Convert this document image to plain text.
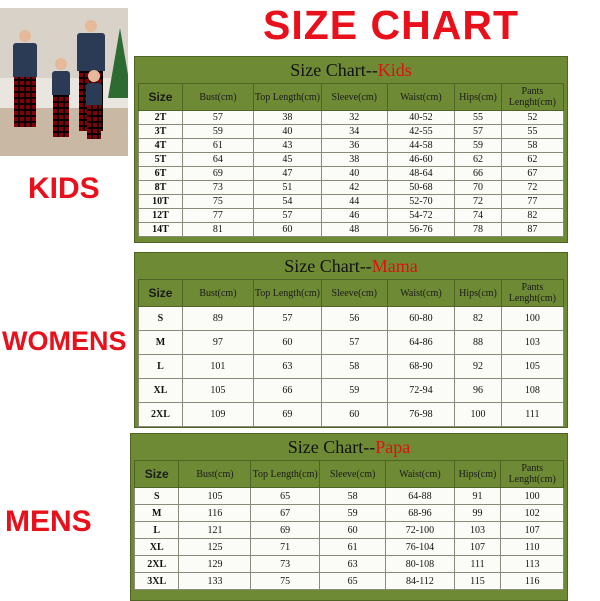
SIZE CHART
KIDS
WOMENS
MENS
Size Chart--Kids
Size	Bust(cm)	Top Length(cm)	Sleeve(cm)	Waist(cm)	Hips(cm)	Pants Lenght(cm)
2T	57	38	32	40-52	55	52
3T	59	40	34	42-55	57	55
4T	61	43	36	44-58	59	58
5T	64	45	38	46-60	62	62
6T	69	47	40	48-64	66	67
8T	73	51	42	50-68	70	72
10T	75	54	44	52-70	72	77
12T	77	57	46	54-72	74	82
14T	81	60	48	56-76	78	87
Size Chart--Mama
Size	Bust(cm)	Top Length(cm)	Sleeve(cm)	Waist(cm)	Hips(cm)	Pants Lenght(cm)
S	89	57	56	60-80	82	100
M	97	60	57	64-86	88	103
L	101	63	58	68-90	92	105
XL	105	66	59	72-94	96	108
2XL	109	69	60	76-98	100	111
Size Chart--Papa
Size	Bust(cm)	Top Length(cm)	Sleeve(cm)	Waist(cm)	Hips(cm)	Pants Lenght(cm)
S	105	65	58	64-88	91	100
M	116	67	59	68-96	99	102
L	121	69	60	72-100	103	107
XL	125	71	61	76-104	107	110
2XL	129	73	63	80-108	111	113
3XL	133	75	65	84-112	115	116
